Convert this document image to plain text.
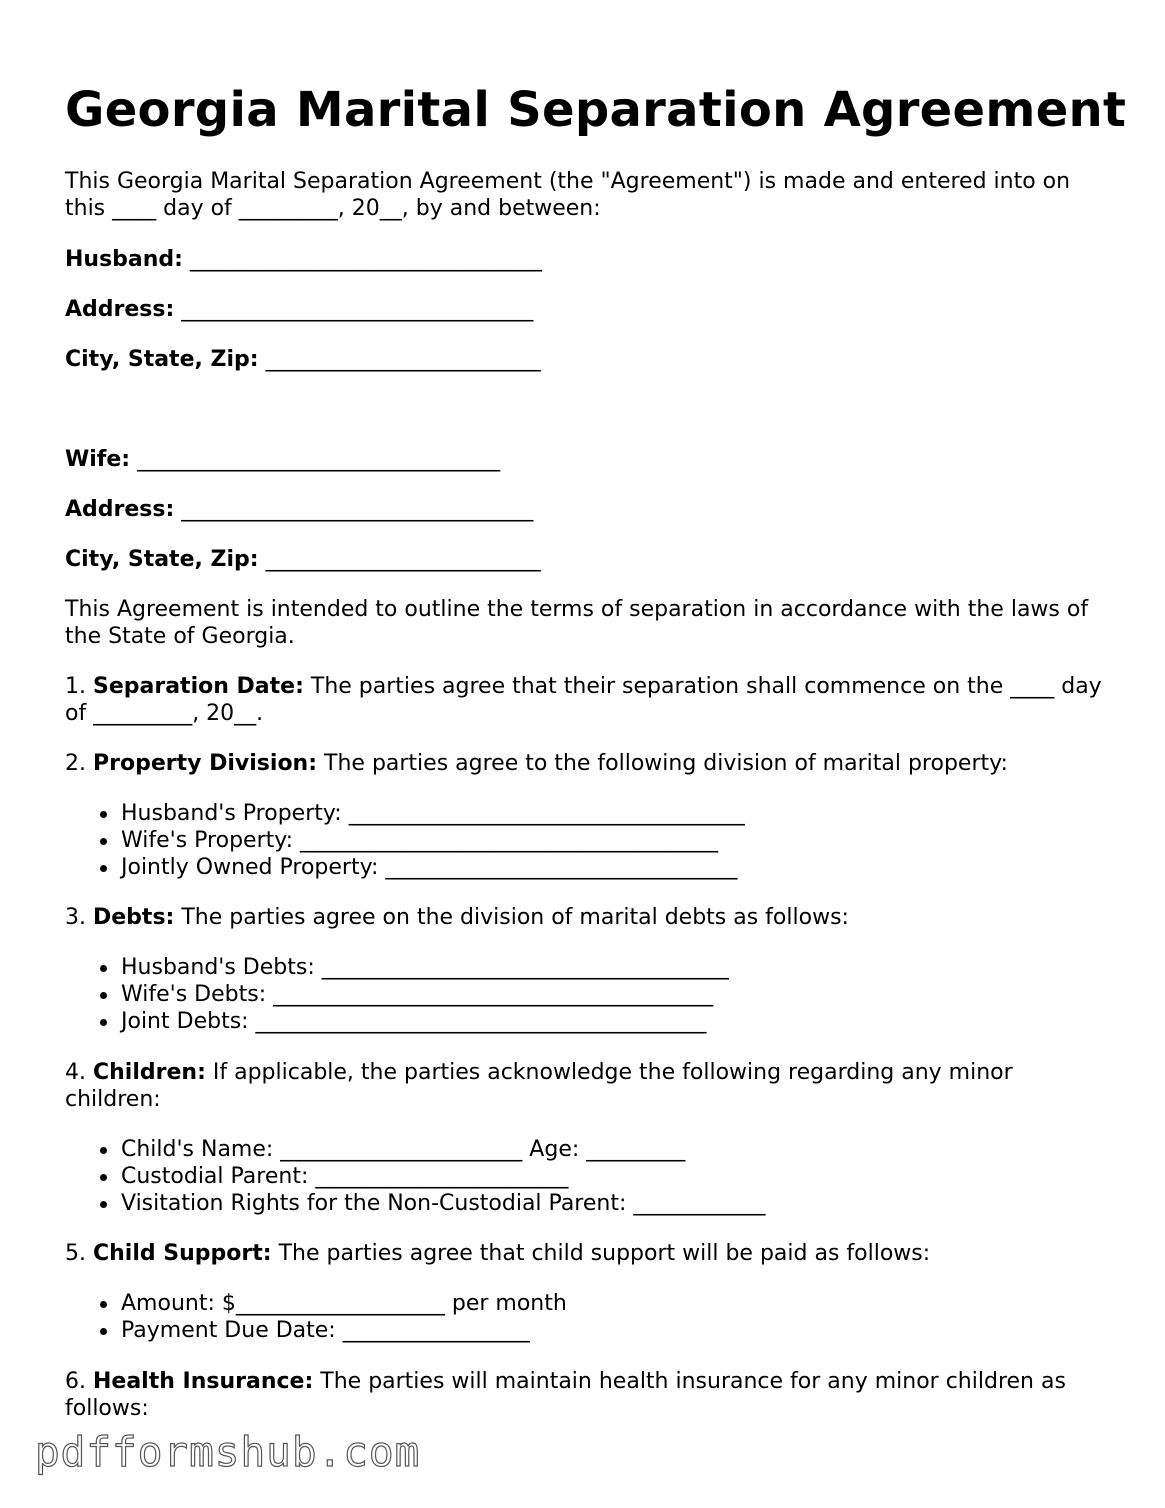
Georgia Marital Separation Agreement

This Georgia Marital Separation Agreement (the "Agreement") is made and entered into on this ____ day of _________, 20__, by and between:

Husband: ________________________________

Address: ________________________________

City, State, Zip: _________________________

Wife: _________________________________

Address: ________________________________

City, State, Zip: _________________________

This Agreement is intended to outline the terms of separation in accordance with the laws of the State of Georgia.

1. Separation Date: The parties agree that their separation shall commence on the ____ day of _________, 20__.

2. Property Division: The parties agree to the following division of marital property:

Husband's Property: ____________________________________
Wife's Property: ______________________________________
Jointly Owned Property: ________________________________

3. Debts: The parties agree on the division of marital debts as follows:

Husband's Debts: _____________________________________
Wife's Debts: ________________________________________
Joint Debts: _________________________________________

4. Children: If applicable, the parties acknowledge the following regarding any minor children:

Child's Name: ______________________ Age: _________
Custodial Parent: _______________________
Visitation Rights for the Non-Custodial Parent: ____________

5. Child Support: The parties agree that child support will be paid as follows:

Amount: $___________________ per month
Payment Due Date: _________________

6. Health Insurance: The parties will maintain health insurance for any minor children as follows:

pdfformshub.com
